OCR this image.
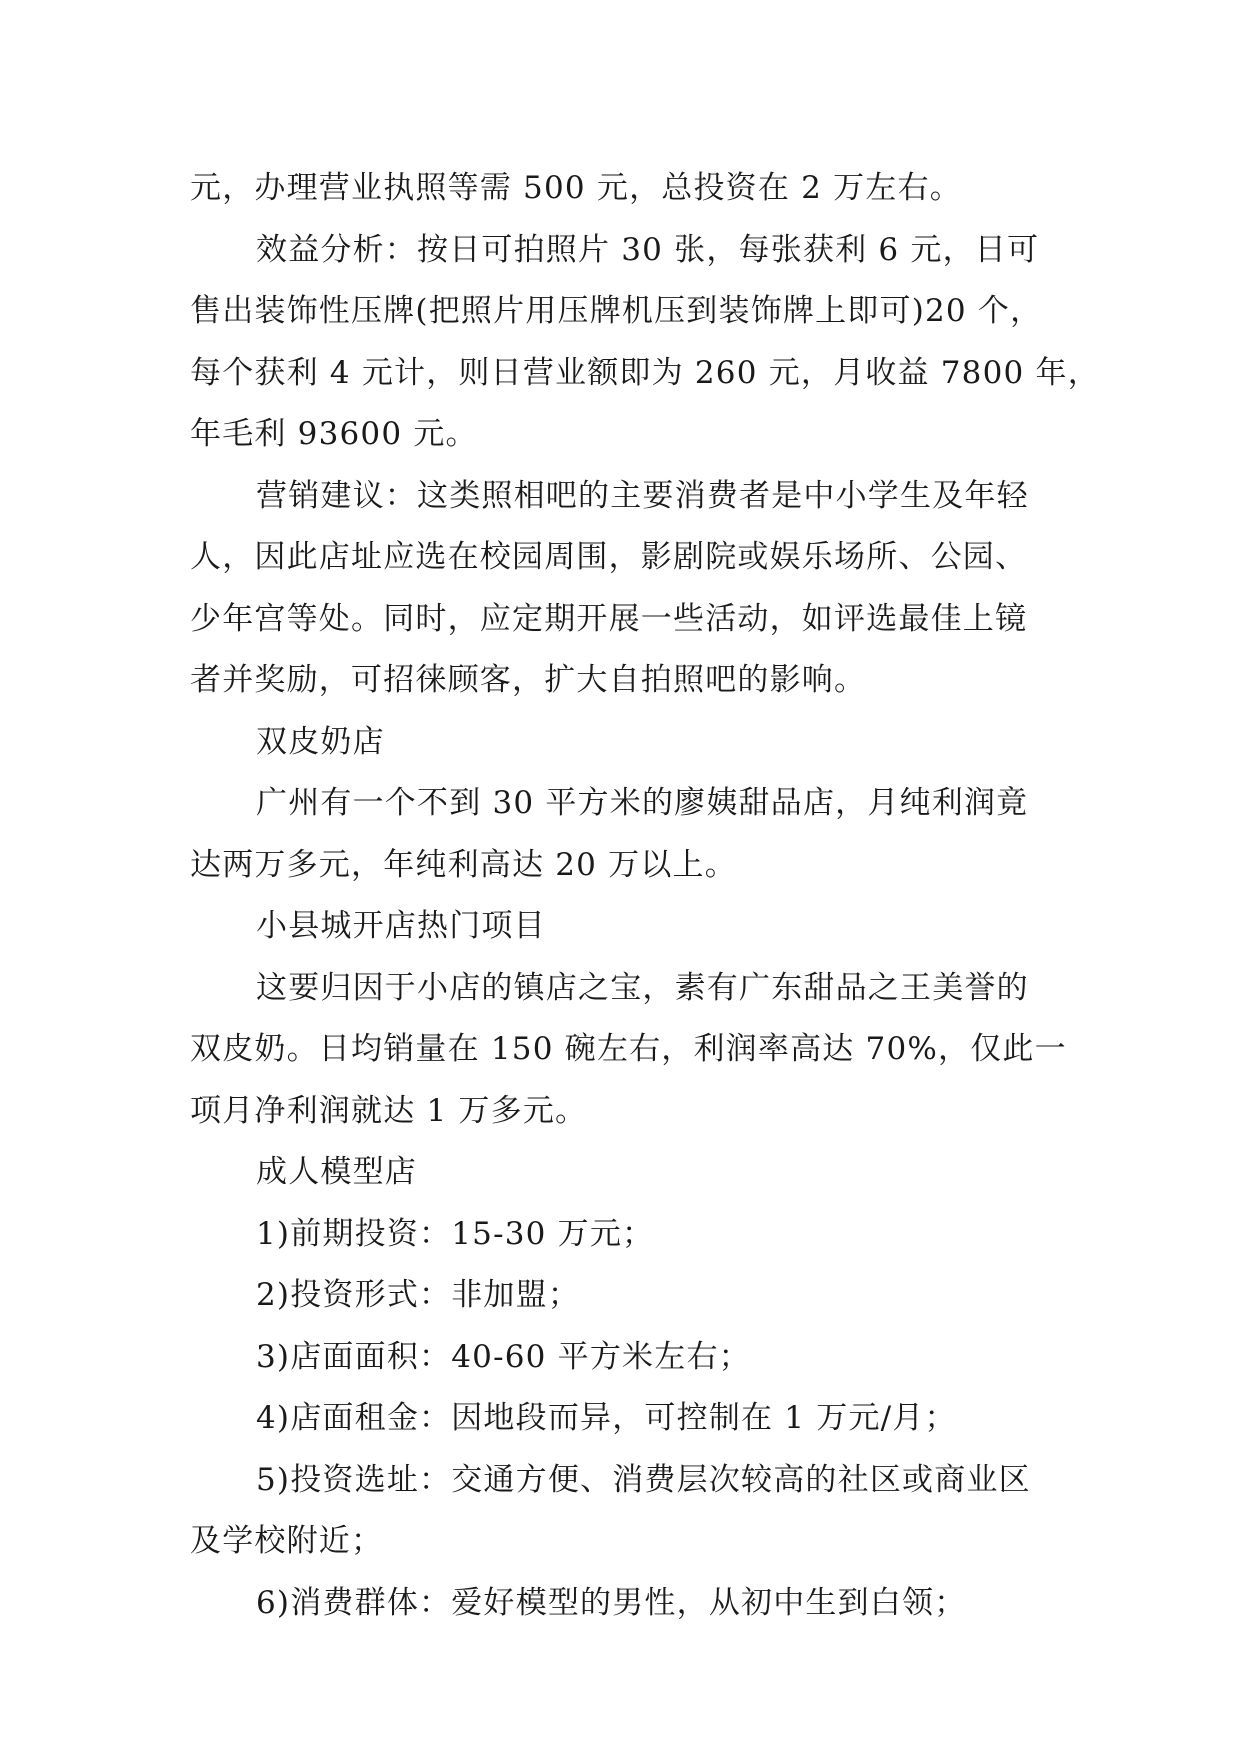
元，办理营业执照等需 500 元，总投资在 2 万左右。
效益分析：按日可拍照片 30 张，每张获利 6 元，日可
售出装饰性压牌(把照片用压牌机压到装饰牌上即可)20 个，
每个获利 4 元计，则日营业额即为 260 元，月收益 7800 年，
年毛利 93600 元。
营销建议：这类照相吧的主要消费者是中小学生及年轻
人，因此店址应选在校园周围，影剧院或娱乐场所、公园、
少年宫等处。同时，应定期开展一些活动，如评选最佳上镜
者并奖励，可招徕顾客，扩大自拍照吧的影响。
双皮奶店
广州有一个不到 30 平方米的廖姨甜品店，月纯利润竟
达两万多元，年纯利高达 20 万以上。
小县城开店热门项目
这要归因于小店的镇店之宝，素有广东甜品之王美誉的
双皮奶。日均销量在 150 碗左右，利润率高达 70%，仅此一
项月净利润就达 1 万多元。
成人模型店
1)前期投资：15-30 万元；
2)投资形式：非加盟；
3)店面面积：40-60 平方米左右；
4)店面租金：因地段而异，可控制在 1 万元/月；
5)投资选址：交通方便、消费层次较高的社区或商业区
及学校附近；
6)消费群体：爱好模型的男性，从初中生到白领；
